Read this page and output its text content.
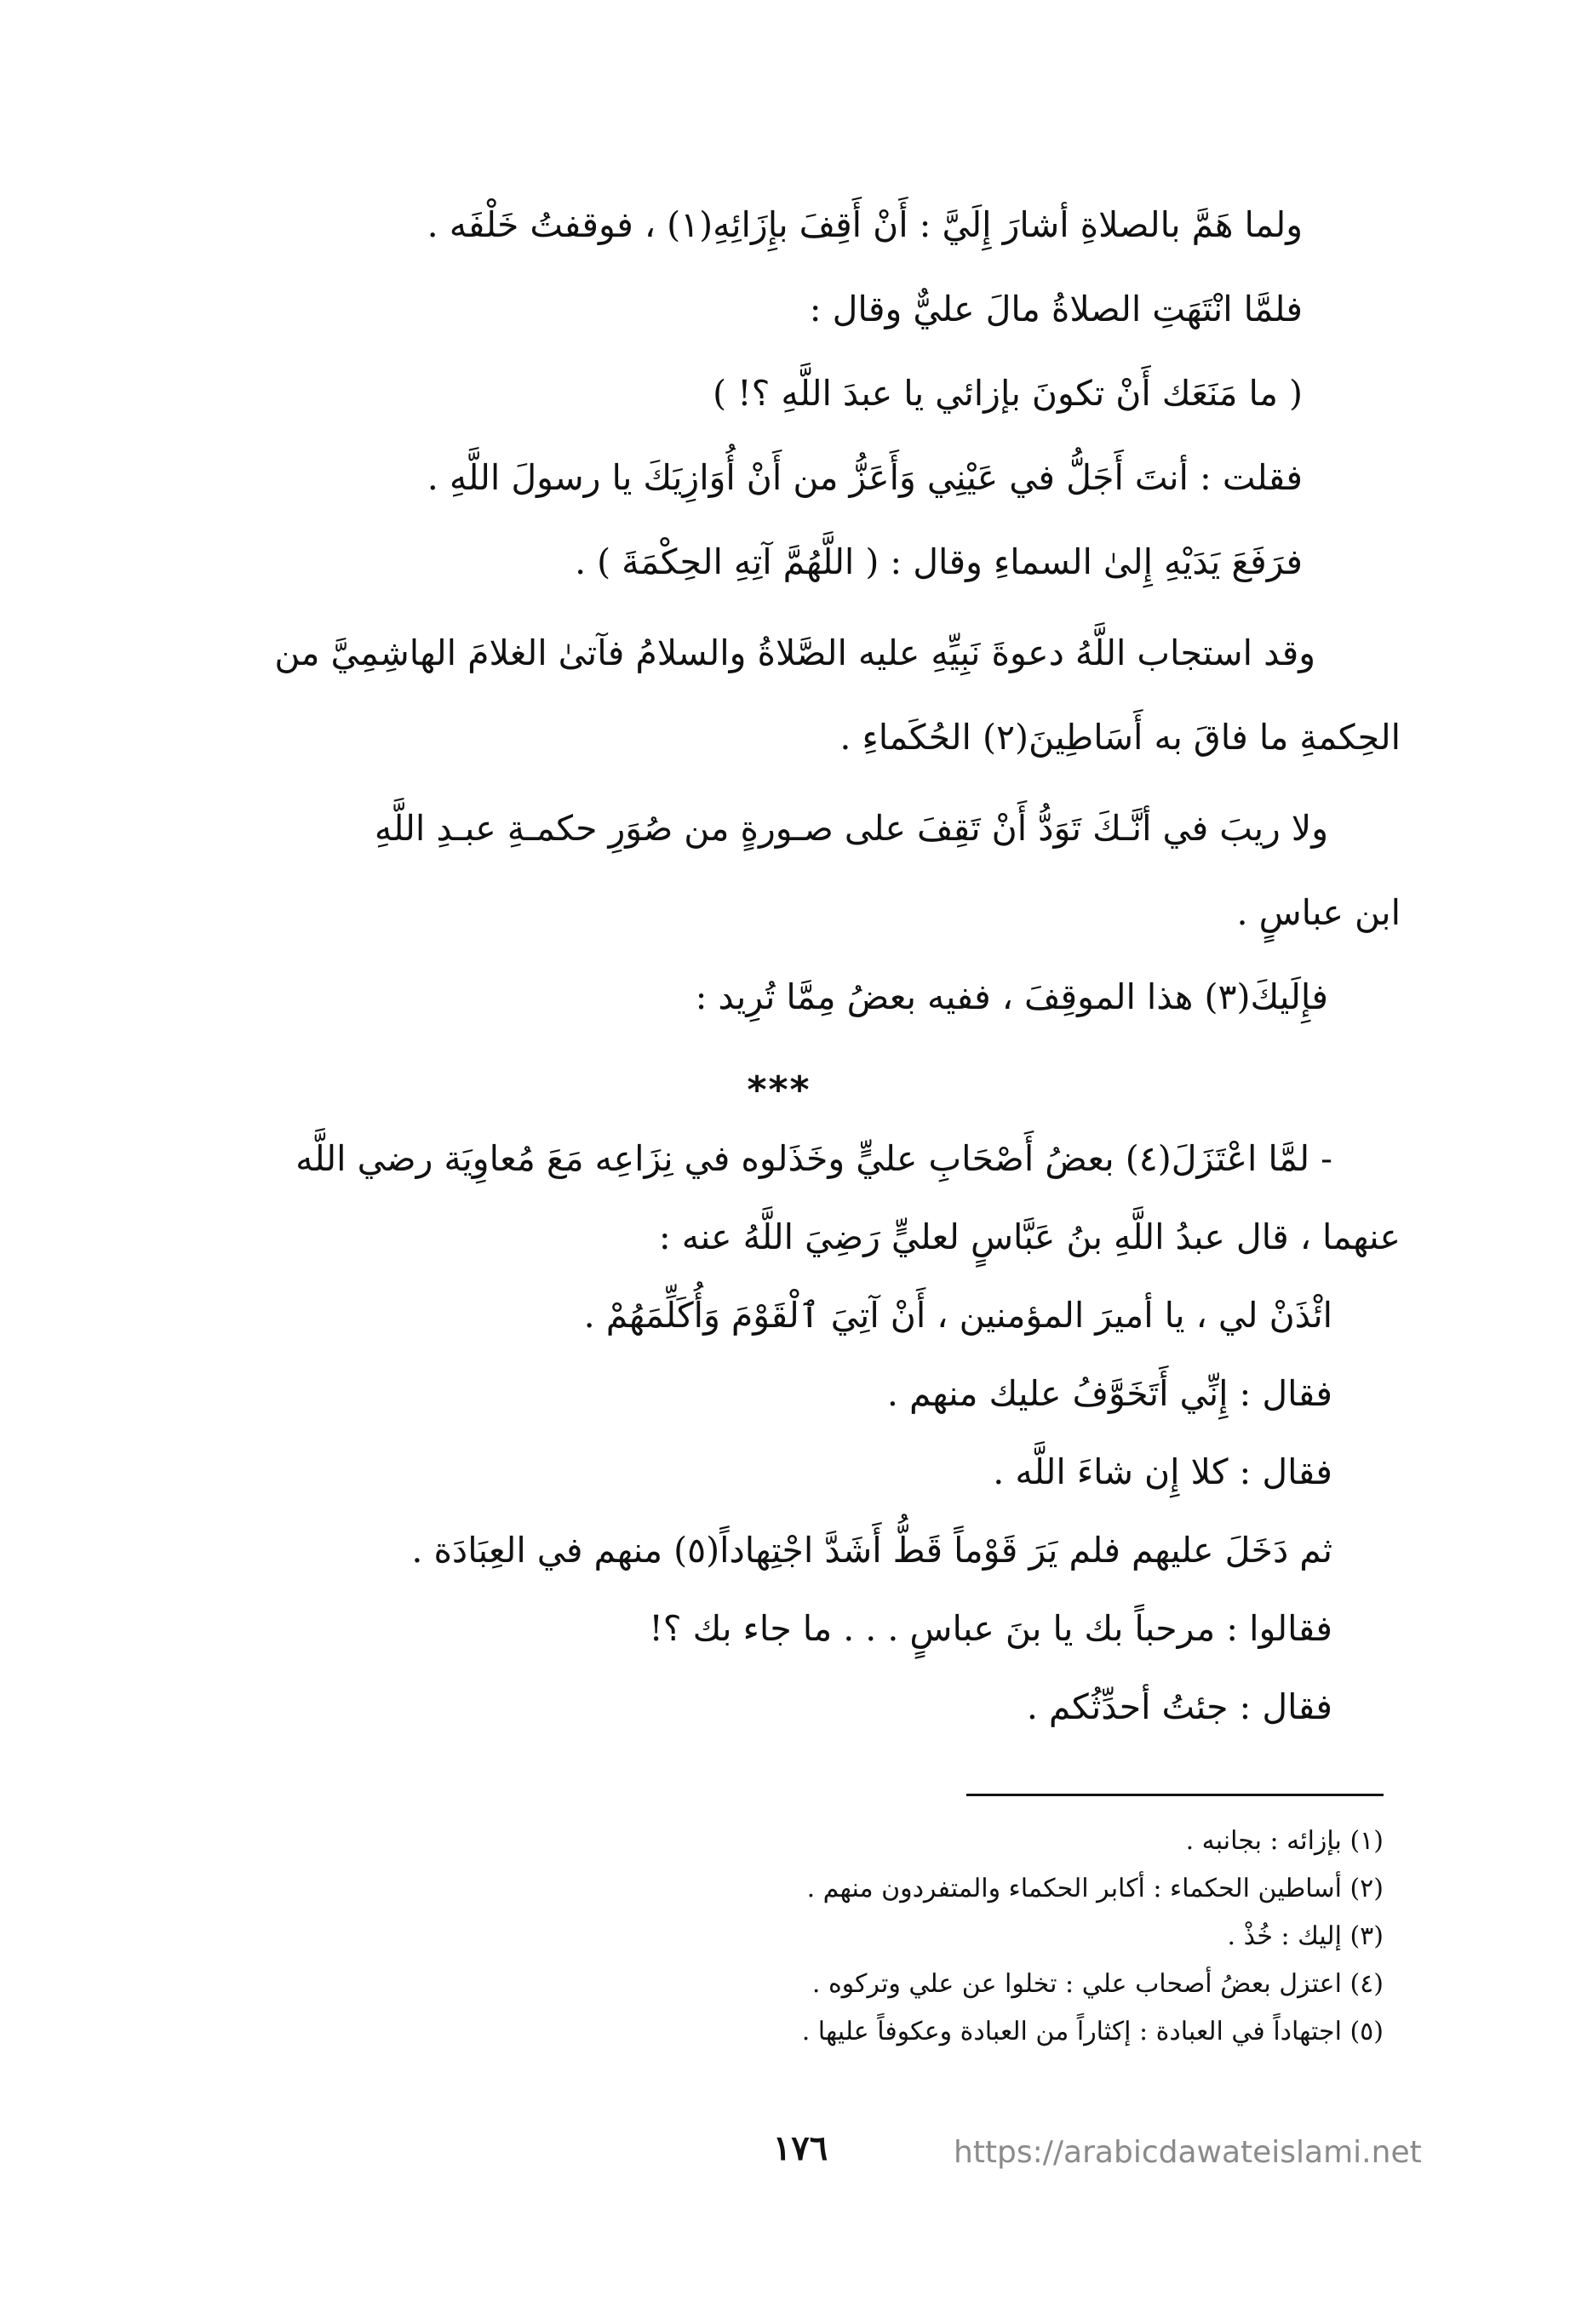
ولما هَمَّ بالصلاةِ أشارَ إِلَيَّ : أَنْ أَقِفَ بإِزَائِهِ(١) ، فوقفتُ خَلْفَه .
فلمَّا انْتَهَتِ الصلاةُ مالَ عليٌّ وقال :
( ما مَنَعَك أَنْ تكونَ بإزائي يا عبدَ اللَّهِ ؟! )
فقلت : أنتَ أَجَلُّ في عَيْنِي وَأَعَزُّ من أَنْ أُوَازِيَكَ يا رسولَ اللَّهِ .
فرَفَعَ يَدَيْهِ إِلىٰ السماءِ وقال : ( اللَّهُمَّ آتِهِ الحِكْمَةَ ) .
وقد استجاب اللَّهُ دعوةَ نَبِيِّهِ عليه الصَّلاةُ والسلامُ فآتىٰ الغلامَ الهاشِمِيَّ من
الحِكمةِ ما فاقَ به أَسَاطِينَ(٢) الحُكَماءِ .
ولا ريبَ في أنَّـكَ تَوَدُّ أَنْ تَقِفَ على صـورةٍ من صُوَرِ حكمـةِ عبـدِ اللَّهِ
ابن عباسٍ .
فإِلَيكَ(٣) هذا الموقِفَ ، ففيه بعضُ مِمَّا تُرِيد :
***
- لمَّا اعْتَزَلَ(٤) بعضُ أَصْحَابِ عليٍّ وخَذَلوه في نِزَاعِه مَعَ مُعاوِيَة رضي اللَّه
عنهما ، قال عبدُ اللَّهِ بنُ عَبَّاسٍ لعليٍّ رَضِيَ اللَّهُ عنه :
ائْذَنْ لي ، يا أميرَ المؤمنين ، أَنْ آتِيَ ٱلْقَوْمَ وَأُكَلِّمَهُمْ .
فقال : إِنِّي أَتَخَوَّفُ عليك منهم .
فقال : كلا إِن شاءَ اللَّه .
ثم دَخَلَ عليهم فلم يَرَ قَوْماً قَطُّ أَشَدَّ اجْتِهاداً(٥) منهم في العِبَادَة .
فقالوا : مرحباً بك يا بنَ عباسٍ . . . ما جاء بك ؟!
فقال : جئتُ أحدِّثُكم .
(١) بإزائه : بجانبه .
(٢) أساطين الحكماء : أكابر الحكماء والمتفردون منهم .
(٣) إليك : خُذْ .
(٤) اعتزل بعضُ أصحاب علي : تخلوا عن علي وتركوه .
(٥) اجتهاداً في العبادة : إكثاراً من العبادة وعكوفاً عليها .
١٧٦	https://arabicdawateislami.net
